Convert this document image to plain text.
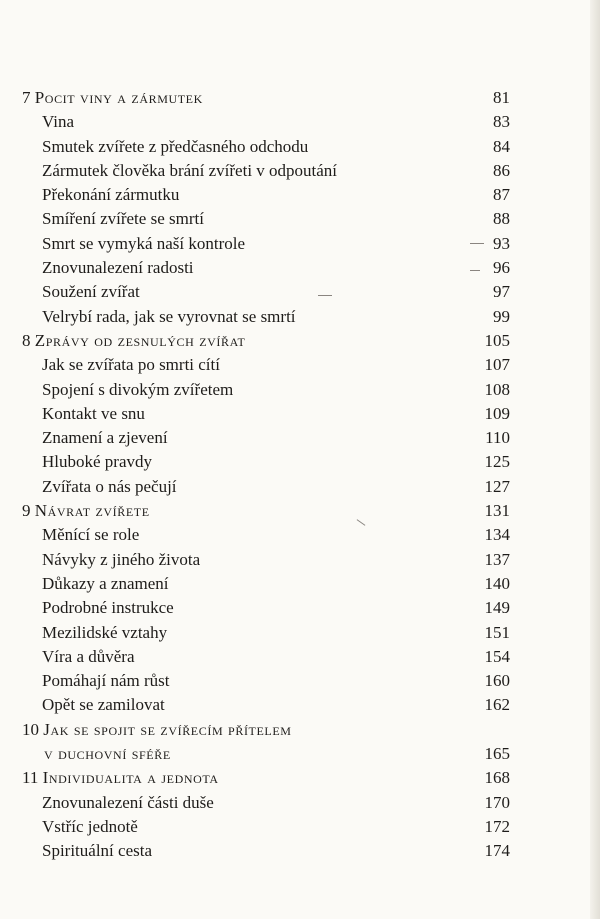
7 Pocit viny a zármutek	81
Vina	83
Smutek zvířete z předčasného odchodu	84
Zármutek člověka brání zvířeti v odpoutání	86
Překonání zármutku	87
Smíření zvířete se smrtí	88
Smrt se vymyká naší kontrole	93
Znovunalezení radosti	96
Soužení zvířat	97
Velrybí rada, jak se vyrovnat se smrtí	99
8 Zprávy od zesnulých zvířat	105
Jak se zvířata po smrti cítí	107
Spojení s divokým zvířetem	108
Kontakt ve snu	109
Znamení a zjevení	110
Hluboké pravdy	125
Zvířata o nás pečují	127
9 Návrat zvířete	131
Měnící se role	134
Návyky z jiného života	137
Důkazy a znamení	140
Podrobné instrukce	149
Mezilidské vztahy	151
Víra a důvěra	154
Pomáhají nám růst	160
Opět se zamilovat	162
10 Jak se spojit se zvířecím přítelem
v duchovní sféře	165
11 Individualita a jednota	168
Znovunalezení části duše	170
Vstříc jednotě	172
Spirituální cesta	174
